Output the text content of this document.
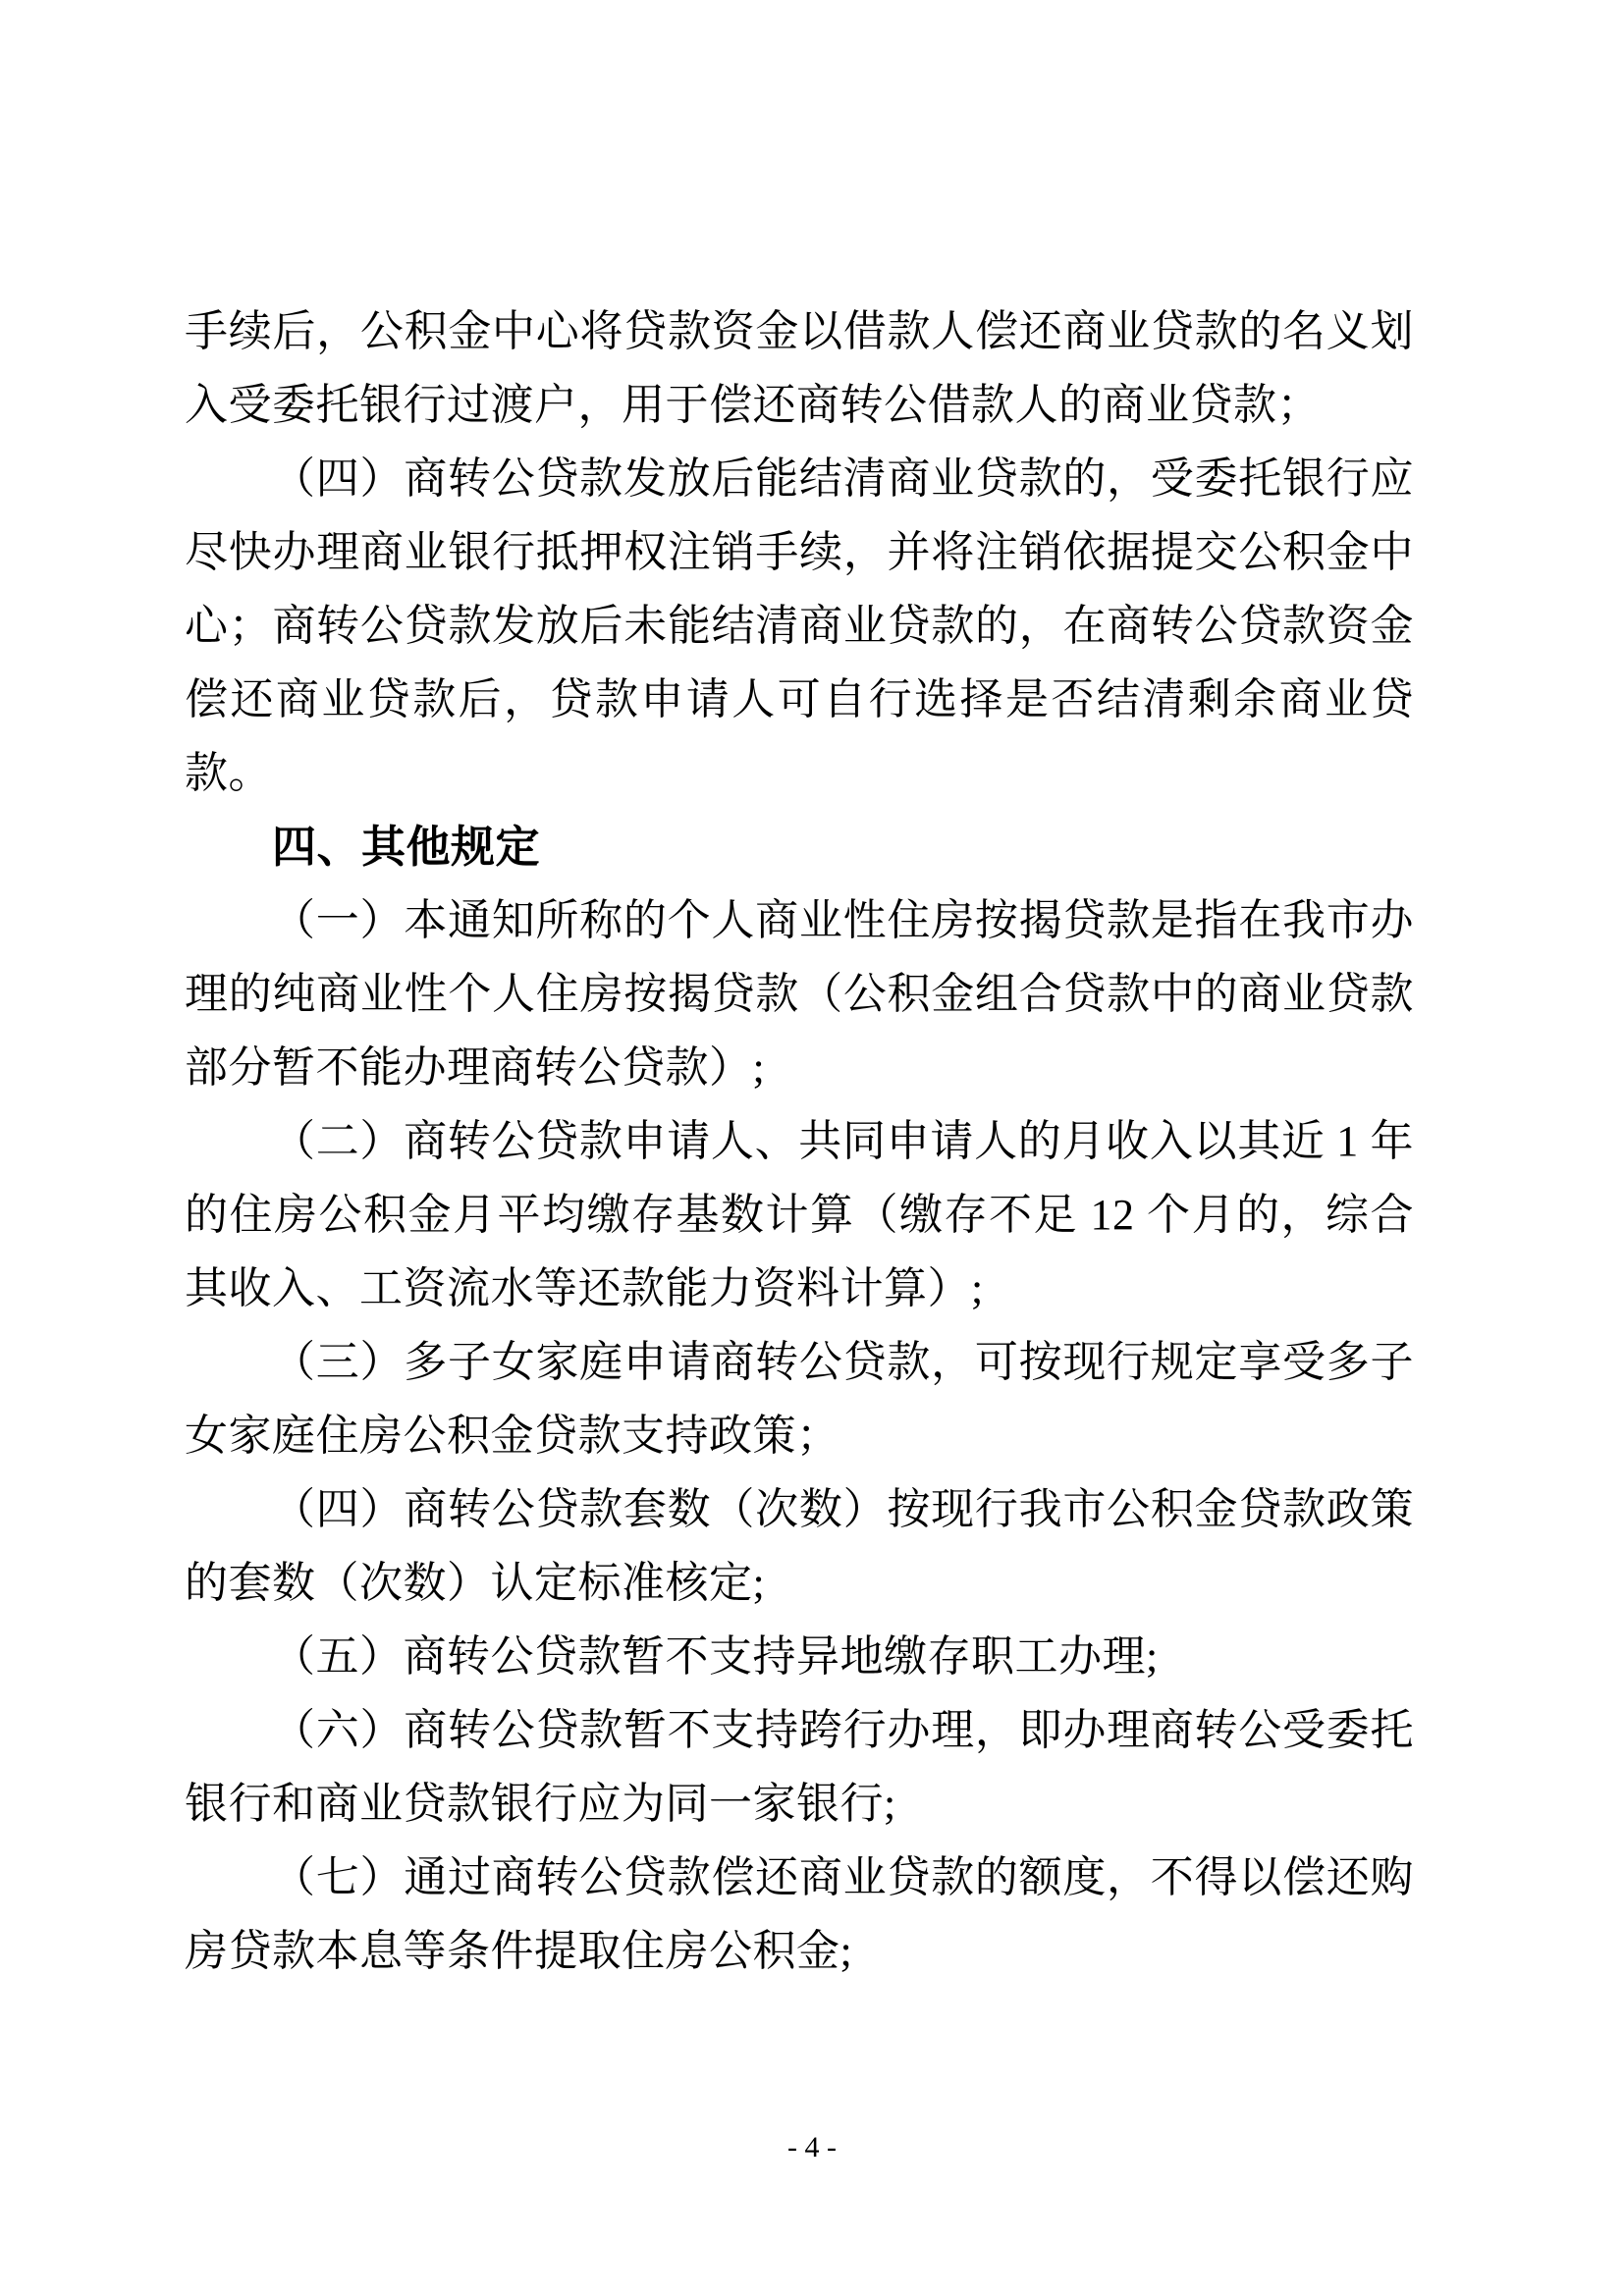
手续后，公积金中心将贷款资金以借款人偿还商业贷款的名义划
入受委托银行过渡户，用于偿还商转公借款人的商业贷款；

（四）商转公贷款发放后能结清商业贷款的，受委托银行应
尽快办理商业银行抵押权注销手续，并将注销依据提交公积金中
心；商转公贷款发放后未能结清商业贷款的，在商转公贷款资金
偿还商业贷款后，贷款申请人可自行选择是否结清剩余商业贷
款。

四、其他规定

（一）本通知所称的个人商业性住房按揭贷款是指在我市办
理的纯商业性个人住房按揭贷款（公积金组合贷款中的商业贷款
部分暂不能办理商转公贷款）;

（二）商转公贷款申请人、共同申请人的月收入以其近 1 年
的住房公积金月平均缴存基数计算（缴存不足 12 个月的，综合
其收入、工资流水等还款能力资料计算）;

（三）多子女家庭申请商转公贷款，可按现行规定享受多子
女家庭住房公积金贷款支持政策；

（四）商转公贷款套数（次数）按现行我市公积金贷款政策
的套数（次数）认定标准核定;

（五）商转公贷款暂不支持异地缴存职工办理;

（六）商转公贷款暂不支持跨行办理，即办理商转公受委托
银行和商业贷款银行应为同一家银行;

（七）通过商转公贷款偿还商业贷款的额度，不得以偿还购
房贷款本息等条件提取住房公积金;

- 4 -
